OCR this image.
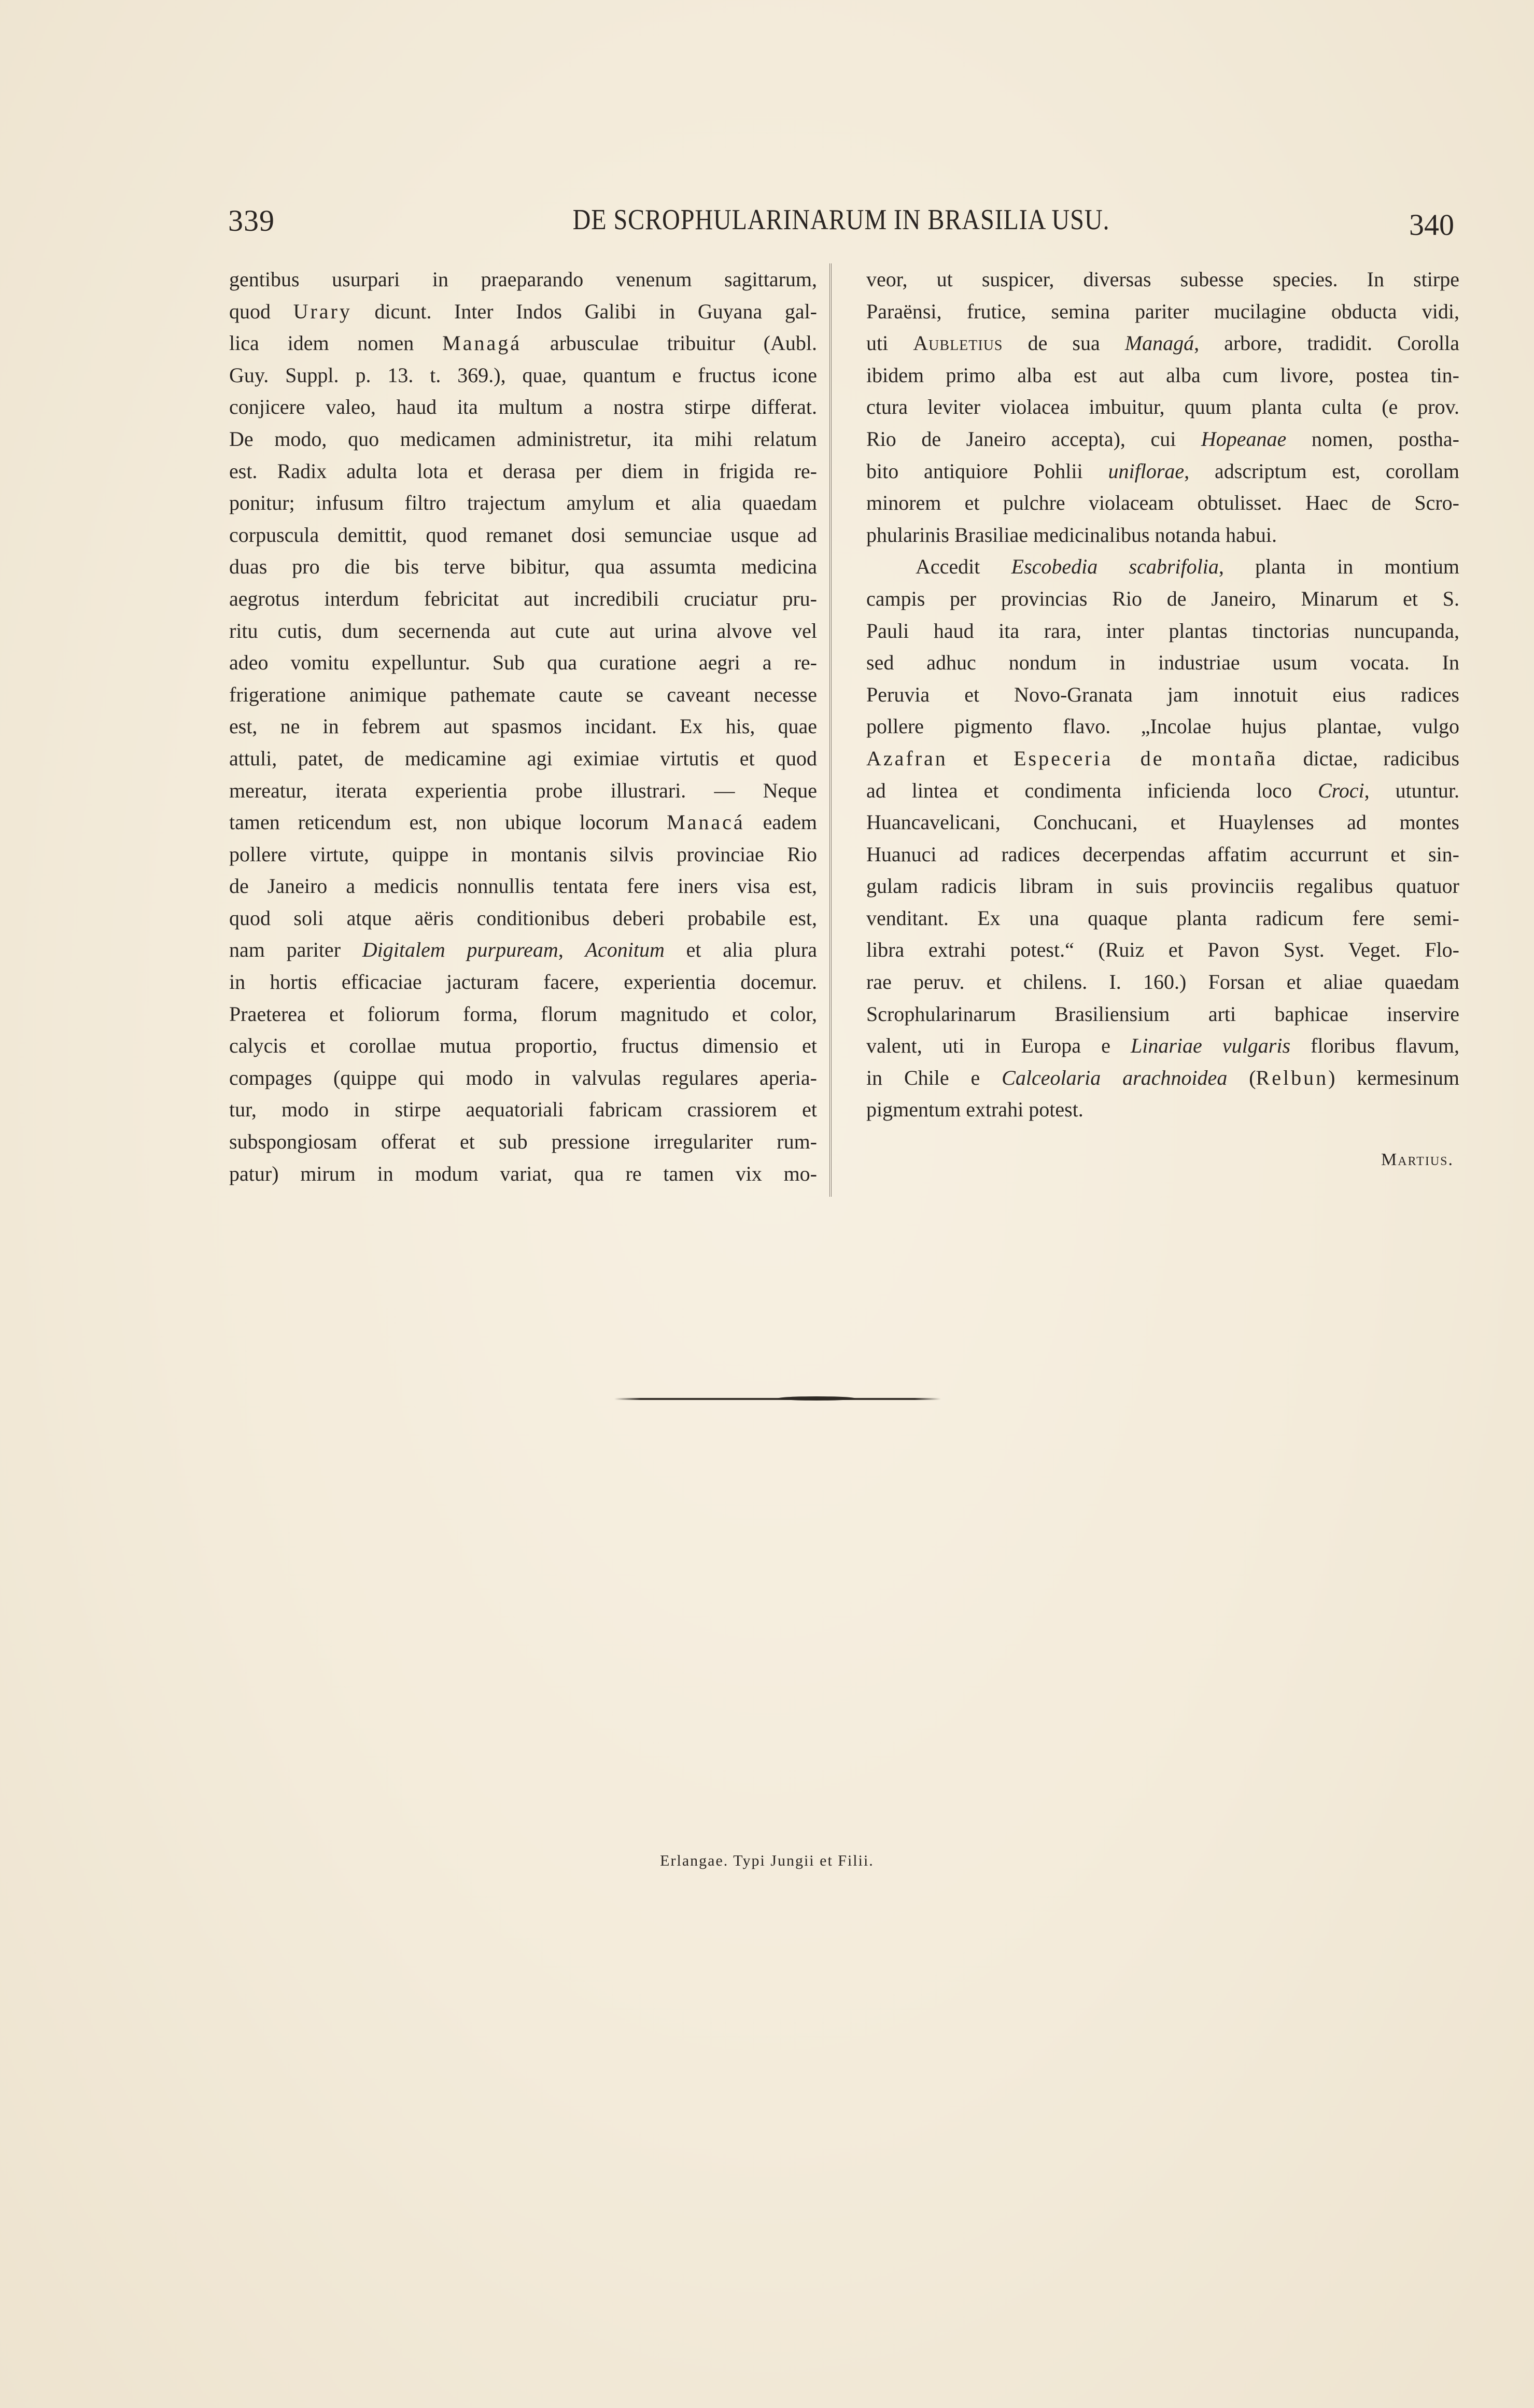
339	DE SCROPHULARINARUM IN BRASILIA USU.	340
gentibus usurpari in praeparando venenum sagittarum,
quod Urary dicunt. Inter Indos Galibi in Guyana gal-
lica idem nomen Managá arbusculae tribuitur (Aubl.
Guy. Suppl. p. 13. t. 369.), quae, quantum e fructus icone
conjicere valeo, haud ita multum a nostra stirpe differat.
De modo, quo medicamen administretur, ita mihi relatum
est. Radix adulta lota et derasa per diem in frigida re-
ponitur; infusum filtro trajectum amylum et alia quaedam
corpuscula demittit, quod remanet dosi semunciae usque ad
duas pro die bis terve bibitur, qua assumta medicina
aegrotus interdum febricitat aut incredibili cruciatur pru-
ritu cutis, dum secernenda aut cute aut urina alvove vel
adeo vomitu expelluntur. Sub qua curatione aegri a re-
frigeratione animique pathemate caute se caveant necesse
est, ne in febrem aut spasmos incidant. Ex his, quae
attuli, patet, de medicamine agi eximiae virtutis et quod
mereatur, iterata experientia probe illustrari. — Neque
tamen reticendum est, non ubique locorum Manacá eadem
pollere virtute, quippe in montanis silvis provinciae Rio
de Janeiro a medicis nonnullis tentata fere iners visa est,
quod soli atque aëris conditionibus deberi probabile est,
nam pariter Digitalem purpuream, Aconitum et alia plura
in hortis efficaciae jacturam facere, experientia docemur.
Praeterea et foliorum forma, florum magnitudo et color,
calycis et corollae mutua proportio, fructus dimensio et
compages (quippe qui modo in valvulas regulares aperia-
tur, modo in stirpe aequatoriali fabricam crassiorem et
subspongiosam offerat et sub pressione irregulariter rum-
patur) mirum in modum variat, qua re tamen vix mo-
veor, ut suspicer, diversas subesse species. In stirpe
Paraënsi, frutice, semina pariter mucilagine obducta vidi,
uti Aubletius de sua Managá, arbore, tradidit. Corolla
ibidem primo alba est aut alba cum livore, postea tin-
ctura leviter violacea imbuitur, quum planta culta (e prov.
Rio de Janeiro accepta), cui Hopeanae nomen, postha-
bito antiquiore Pohlii uniflorae, adscriptum est, corollam
minorem et pulchre violaceam obtulisset. Haec de Scro-
phularinis Brasiliae medicinalibus notanda habui.
Accedit Escobedia scabrifolia, planta in montium
campis per provincias Rio de Janeiro, Minarum et S.
Pauli haud ita rara, inter plantas tinctorias nuncupanda,
sed adhuc nondum in industriae usum vocata. In
Peruvia et Novo-Granata jam innotuit eius radices
pollere pigmento flavo. „Incolae hujus plantae, vulgo
Azafran et Especeria de montaña dictae, radicibus
ad lintea et condimenta inficienda loco Croci, utuntur.
Huancavelicani, Conchucani, et Huaylenses ad montes
Huanuci ad radices decerpendas affatim accurrunt et sin-
gulam radicis libram in suis provinciis regalibus quatuor
venditant. Ex una quaque planta radicum fere semi-
libra extrahi potest.“ (Ruiz et Pavon Syst. Veget. Flo-
rae peruv. et chilens. I. 160.) Forsan et aliae quaedam
Scrophularinarum Brasiliensium arti baphicae inservire
valent, uti in Europa e Linariae vulgaris floribus flavum,
in Chile e Calceolaria arachnoidea (Relbun) kermesinum
pigmentum extrahi potest.
Martius.
Erlangae. Typi Jungii et Filii.
